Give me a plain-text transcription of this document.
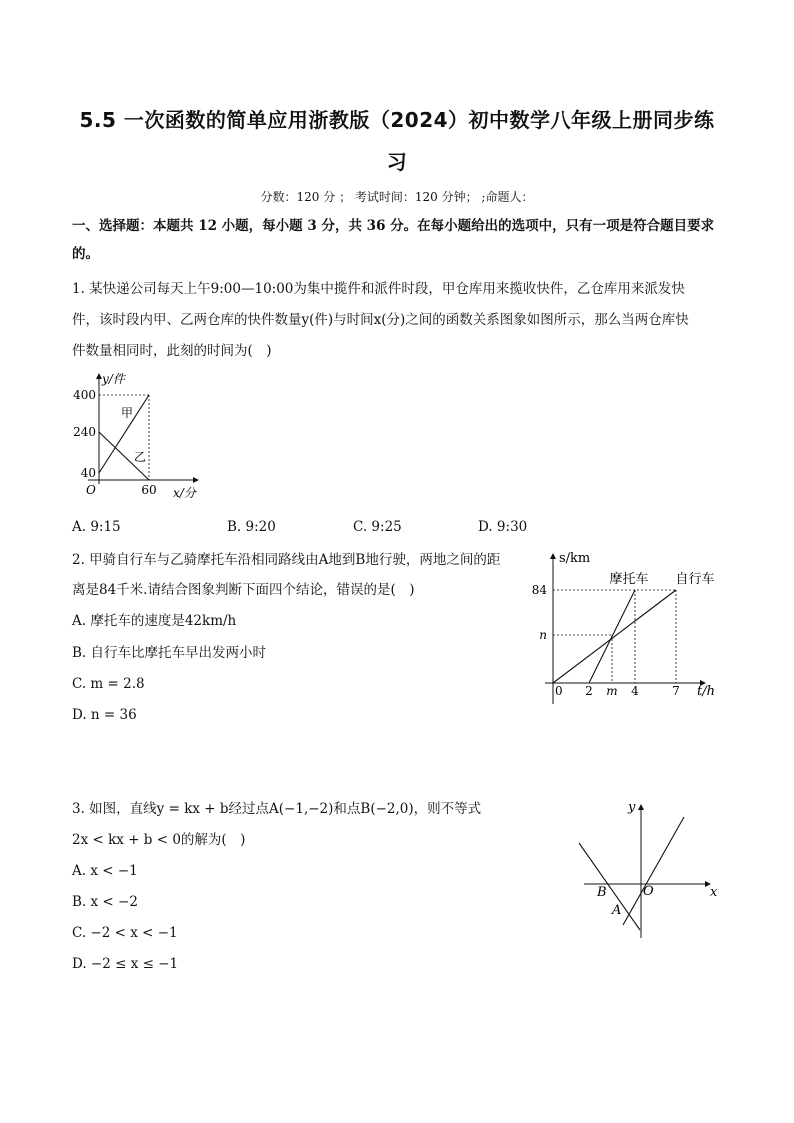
5.5 一次函数的简单应用浙教版（2024）初中数学八年级上册同步练
习
分数：120 分 ； 考试时间：120 分钟； ;命题人：
一、选择题：本题共 12 小题，每小题 3 分，共 36 分。在每小题给出的选项中，只有一项是符合题目要求
的。
1. 某快递公司每天上午9:00—10:00为集中揽件和派件时段，甲仓库用来揽收快件，乙仓库用来派发快
件，该时段内甲、乙两仓库的快件数量y(件)与时间x(分)之间的函数关系图象如图所示，那么当两仓库快
件数量相同时，此刻的时间为(　)
y/件
400
240
40
O	60 x/分
甲
乙
A. 9:15	B. 9:20	C. 9:25	D. 9:30
2. 甲骑自行车与乙骑摩托车沿相同路线由A地到B地行驶，两地之间的距
离是84千米.请结合图象判断下面四个结论，错误的是(　)
A. 摩托车的速度是42km/h
B. 自行车比摩托车早出发两小时
C. m = 2.8
D. n = 36
s/km
84
n
0 2 m 4	7 t/h
摩托车 自行车
3. 如图，直线y = kx + b经过点A(−1,−2)和点B(−2,0)，则不等式
2x < kx + b < 0的解为(　)
A. x < −1
B. x < −2
C. −2 < x < −1
D. −2 ≤ x ≤ −1
y
x
O
B
A
